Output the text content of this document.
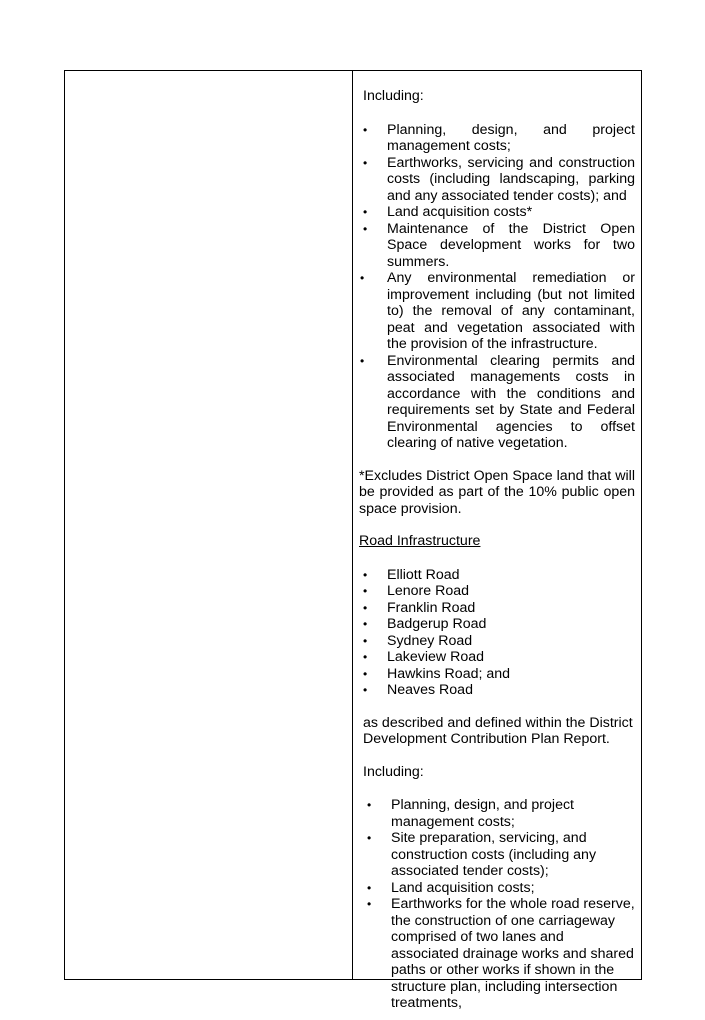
Including:

• Planning, design, and project management costs;
• Earthworks, servicing and construction costs (including landscaping, parking and any associated tender costs); and
• Land acquisition costs*
• Maintenance of the District Open Space development works for two summers.
• Any environmental remediation or improvement including (but not limited to) the removal of any contaminant, peat and vegetation associated with the provision of the infrastructure.
• Environmental clearing permits and associated managements costs in accordance with the conditions and requirements set by State and Federal Environmental agencies to offset clearing of native vegetation.

*Excludes District Open Space land that will be provided as part of the 10% public open space provision.

Road Infrastructure

• Elliott Road
• Lenore Road
• Franklin Road
• Badgerup Road
• Sydney Road
• Lakeview Road
• Hawkins Road; and
• Neaves Road

as described and defined within the District Development Contribution Plan Report.

Including:

• Planning, design, and project management costs;
• Site preparation, servicing, and construction costs (including any associated tender costs);
• Land acquisition costs;
• Earthworks for the whole road reserve, the construction of one carriageway comprised of two lanes and associated drainage works and shared paths or other works if shown in the structure plan, including intersection treatments,
